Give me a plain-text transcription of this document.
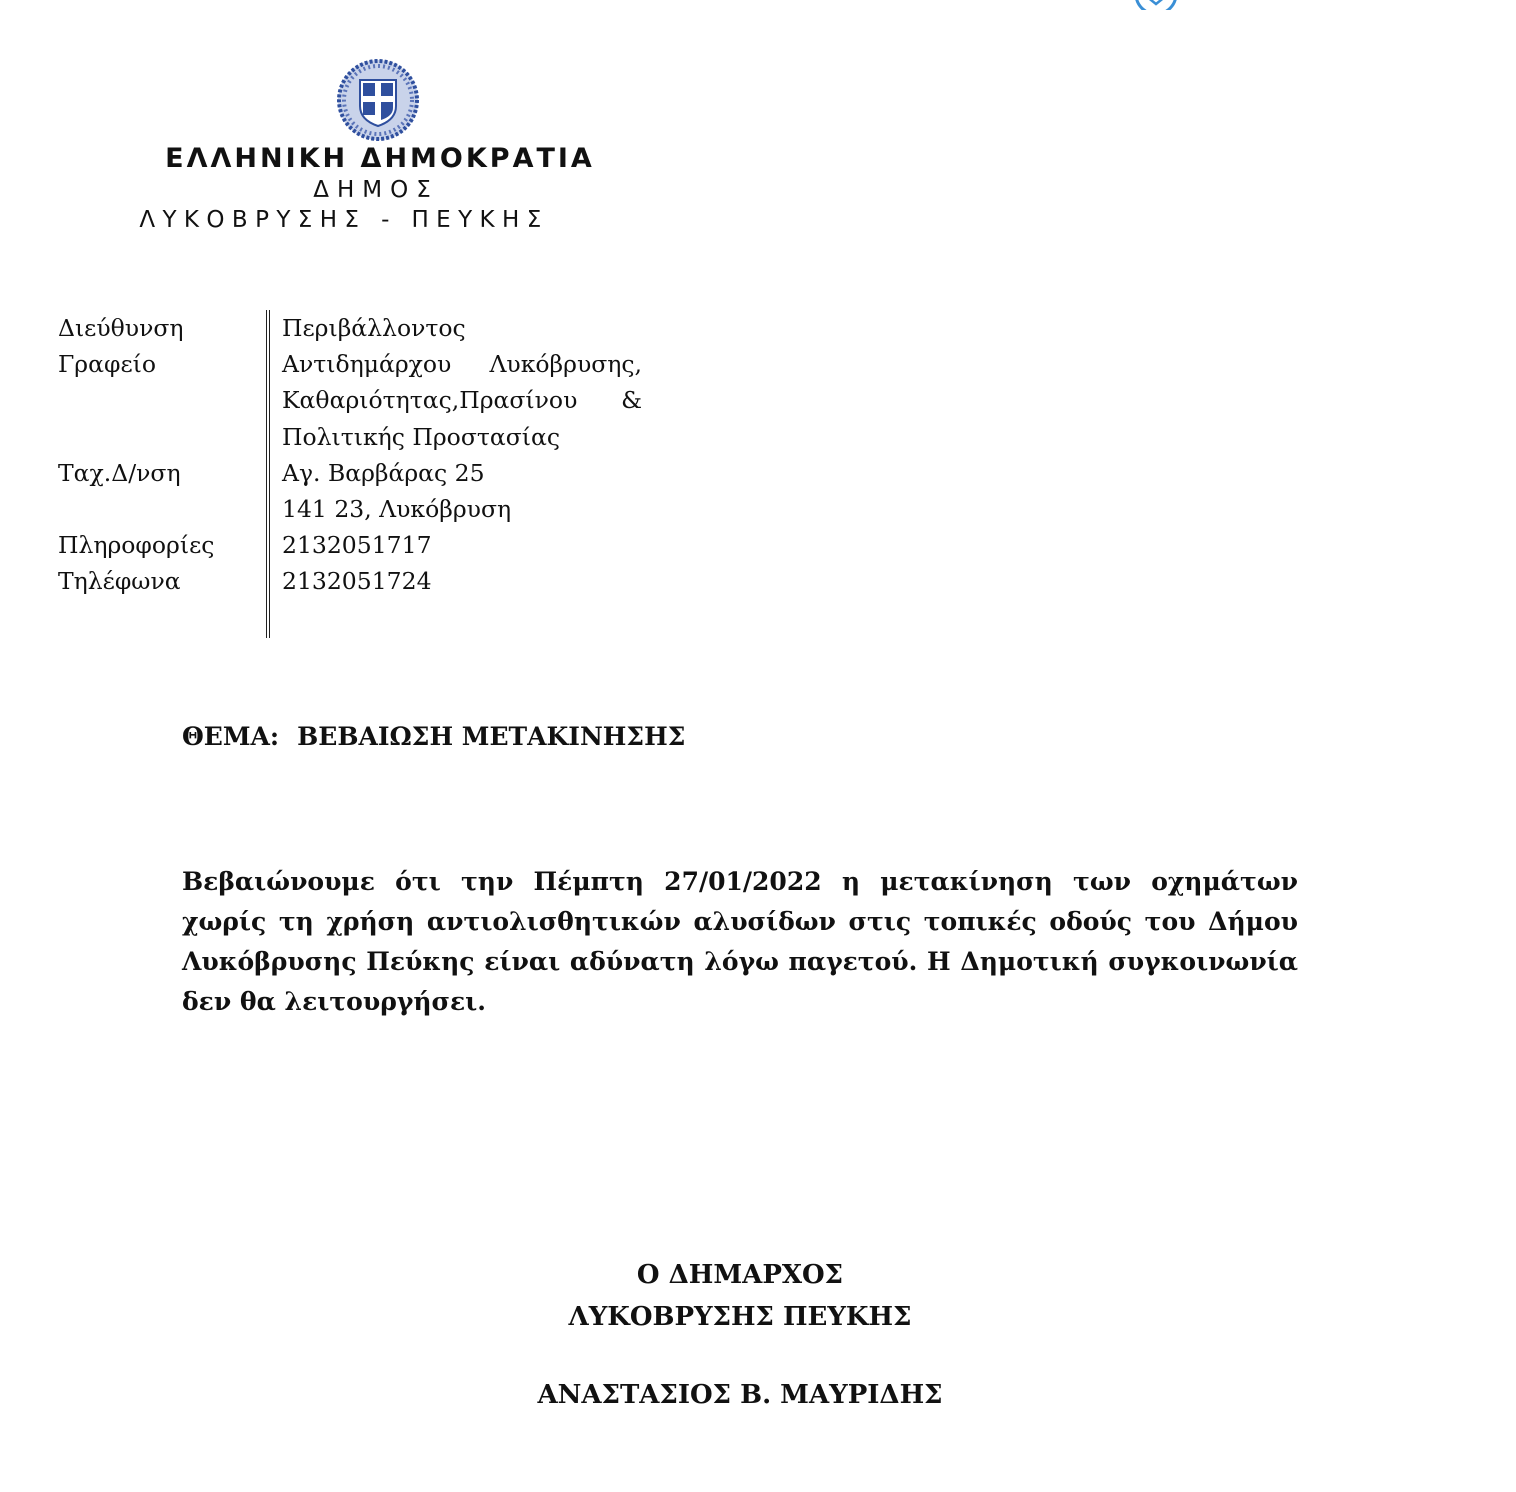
ΕΛΛΗΝΙΚΗ ΔΗΜΟΚΡΑΤΙΑ
ΔΗΜΟΣ
ΛΥΚΟΒΡΥΣΗΣ - ΠΕΥΚΗΣ
Διεύθυνση
Γραφείο
Ταχ.Δ/νση
Πληροφορίες
Τηλέφωνα
Περιβάλλοντος
Αντιδημάρχου Λυκόβρυσης,
Καθαριότητας,Πρασίνου &
Πολιτικής Προστασίας
Αγ. Βαρβάρας 25
141 23, Λυκόβρυση
2132051717
2132051724
ΘΕΜΑ: ΒΕΒΑΙΩΣΗ ΜΕΤΑΚΙΝΗΣΗΣ
Βεβαιώνουμε ότι την Πέμπτη 27/01/2022 η μετακίνηση των οχημάτων χωρίς τη χρήση αντιολισθητικών αλυσίδων στις τοπικές οδούς του Δήμου Λυκόβρυσης Πεύκης είναι αδύνατη λόγω παγετού. Η Δημοτική συγκοινωνία δεν θα λειτουργήσει.
Ο ΔΗΜΑΡΧΟΣ
ΛΥΚΟΒΡΥΣΗΣ ΠΕΥΚΗΣ
ΑΝΑΣΤΑΣΙΟΣ Β. ΜΑΥΡΙΔΗΣ
